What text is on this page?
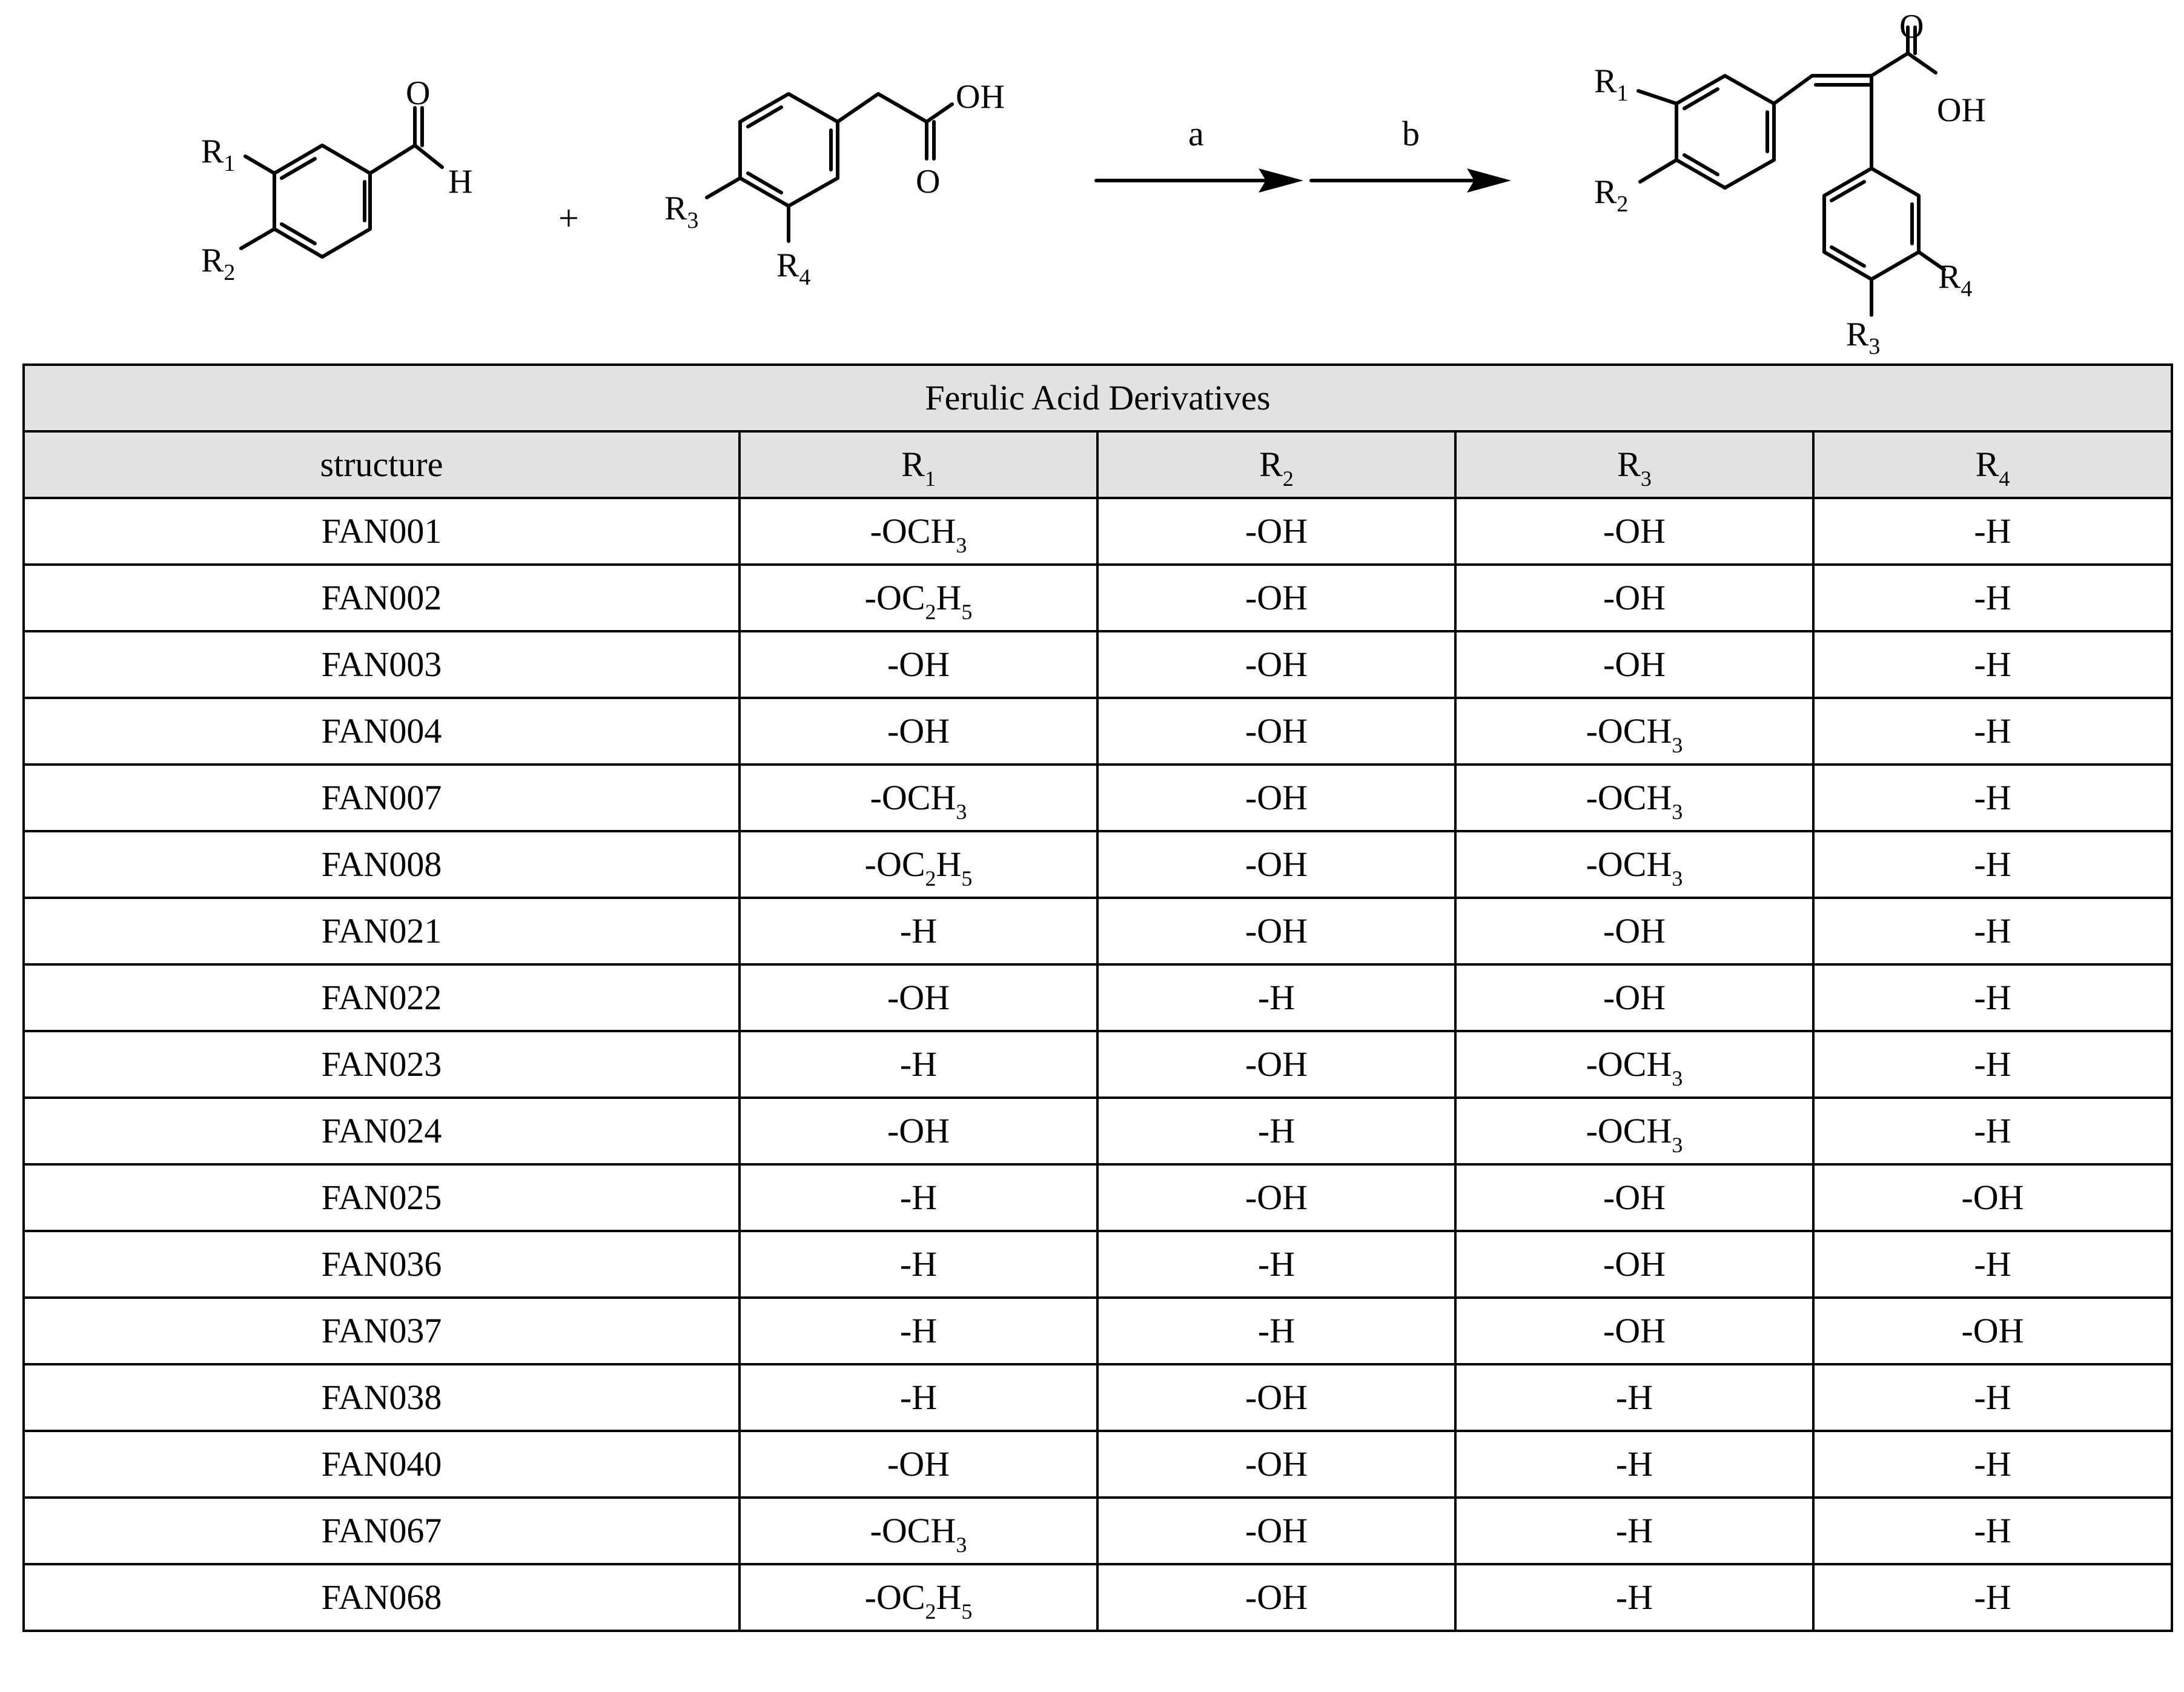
O
H
$R_1$
$R_2$
+
OH
O
$R_3$
$R_4$
a	b
O
OH
$R_1$
$R_2$
$R_4$
$R_3$
Ferulic Acid Derivatives				
structure	$R_1$	$R_2$	$R_3$	$R_4$
FAN001	$-OCH_3$	-OH	-OH	-H
FAN002	$-OC_2H_5$	-OH	-OH	-H
FAN003	-OH	-OH	-OH	-H
FAN004	-OH	-OH	$-OCH_3$	-H
FAN007	$-OCH_3$	-OH	$-OCH_3$	-H
FAN008	$-OC_2H_5$	-OH	$-OCH_3$	-H
FAN021	-H	-OH	-OH	-H
FAN022	-OH	-H	-OH	-H
FAN023	-H	-OH	$-OCH_3$	-H
FAN024	-OH	-H	$-OCH_3$	-H
FAN025	-H	-OH	-OH	-OH
FAN036	-H	-H	-OH	-H
FAN037	-H	-H	-OH	-OH
FAN038	-H	-OH	-H	-H
FAN040	-OH	-OH	-H	-H
FAN067	$-OCH_3$	-OH	-H	-H
FAN068	$-OC_2H_5$	-OH	-H	-H
